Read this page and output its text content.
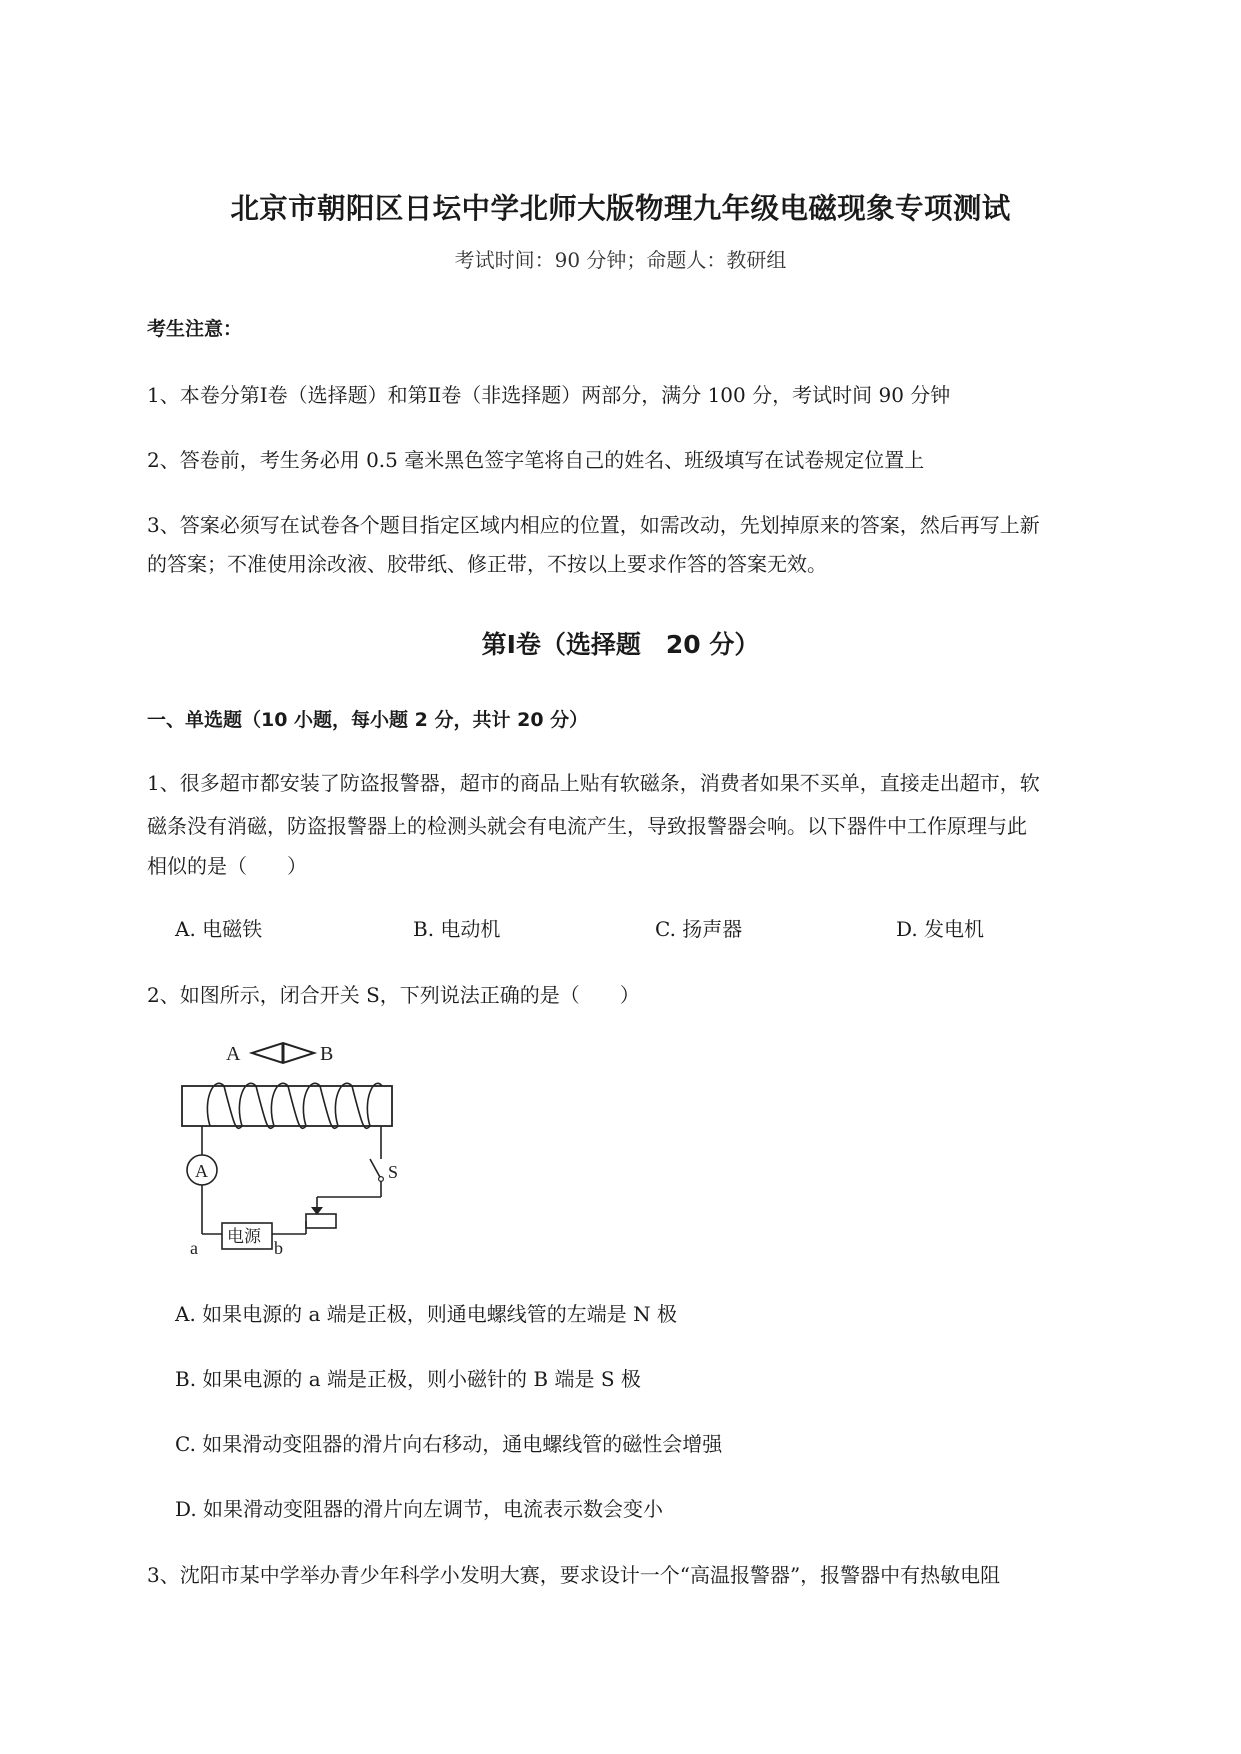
北京市朝阳区日坛中学北师大版物理九年级电磁现象专项测试
考试时间：90 分钟；命题人：教研组
考生注意：
1、本卷分第Ⅰ卷（选择题）和第Ⅱ卷（非选择题）两部分，满分 100 分，考试时间 90 分钟
2、答卷前，考生务必用 0.5 毫米黑色签字笔将自己的姓名、班级填写在试卷规定位置上
3、答案必须写在试卷各个题目指定区域内相应的位置，如需改动，先划掉原来的答案，然后再写上新
的答案；不准使用涂改液、胶带纸、修正带，不按以上要求作答的答案无效。
第Ⅰ卷（选择题　20 分）
一、单选题（10 小题，每小题 2 分，共计 20 分）
1、很多超市都安装了防盗报警器，超市的商品上贴有软磁条，消费者如果不买单，直接走出超市，软
磁条没有消磁，防盗报警器上的检测头就会有电流产生，导致报警器会响。以下器件中工作原理与此
相似的是（　　）
A. 电磁铁	B. 电动机	C. 扬声器	D. 发电机
2、如图所示，闭合开关 S，下列说法正确的是（　　）
A	B
A	S
电源
a	b
A. 如果电源的 a 端是正极，则通电螺线管的左端是 N 极
B. 如果电源的 a 端是正极，则小磁针的 B 端是 S 极
C. 如果滑动变阻器的滑片向右移动，通电螺线管的磁性会增强
D. 如果滑动变阻器的滑片向左调节，电流表示数会变小
3、沈阳市某中学举办青少年科学小发明大赛，要求设计一个“高温报警器”，报警器中有热敏电阻
